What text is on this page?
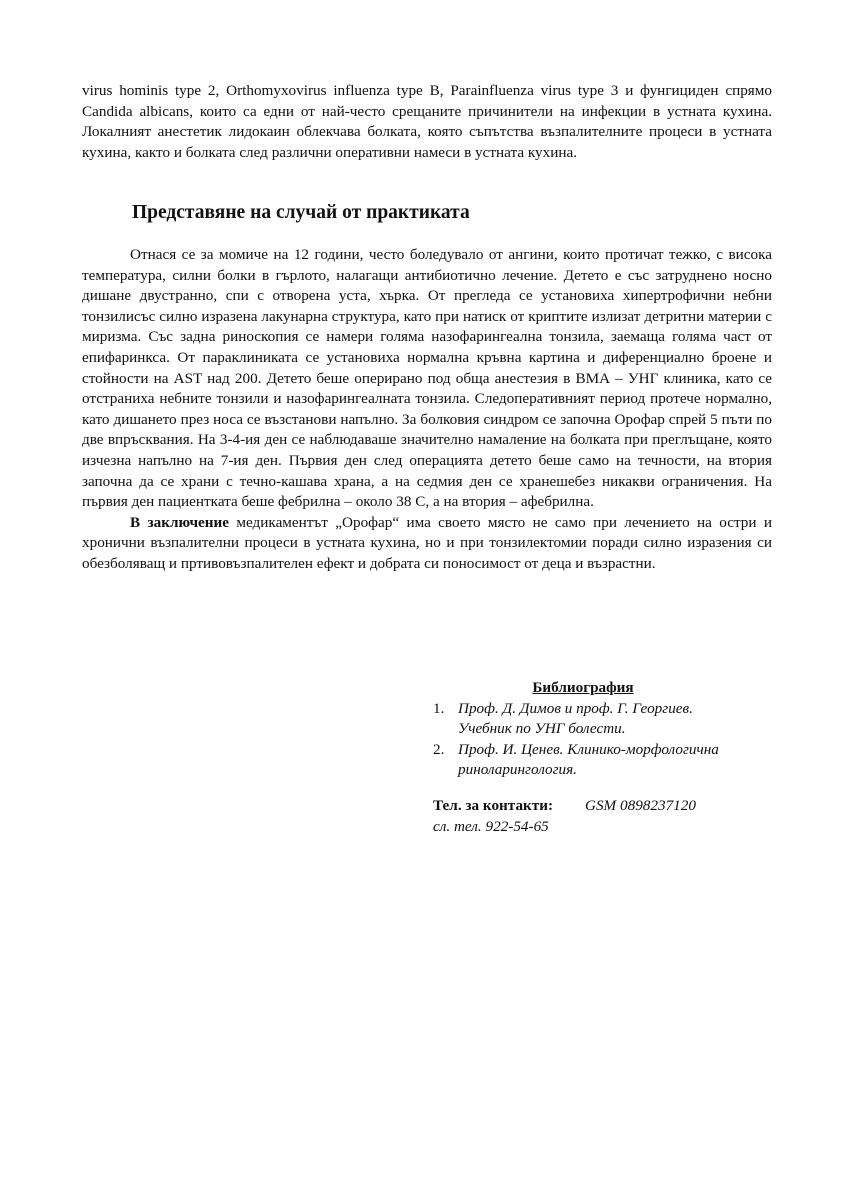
virus hominis type 2, Orthomyxovirus influenza type B, Parainfluenza virus type 3 и фунгициден спрямо Candida albicans, които са едни от най-често срещаните причинители на инфекции в устната кухина. Локалният анестетик лидокаин облекчава болката, която съпътства възпалителните процеси в устната кухина, както и болката след различни оперативни намеси в устната кухина.

Представяне на случай от практиката

Отнася се за момиче на 12 години, често боледувало от ангини, които протичат тежко, с висока температура, силни болки в гърлото, налагащи антибиотично лечение. Детето е със затруднено носно дишане двустранно, спи с отворена уста, хърка. От прегледа се установиха хипертрофични небни тонзилисъс силно изразена лакунарна структура, като при натиск от криптите излизат детритни материи с миризма. Със задна риноскопия се намери голяма назофарингеална тонзила, заемаща голяма част от епифаринкса. От параклиниката се установиха нормална кръвна картина и диференциално броене и стойности на AST над 200. Детето беше оперирано под обща анестезия в ВМА – УНГ клиника, като се отстраниха небните тонзили и назофарингеалната тонзила. Следоперативният период протече нормално, като дишането през носа се възстанови напълно. За болковия синдром се започна Орофар спрей 5 пъти по две впръсквания. На 3-4-ия ден се наблюдаваше значително намаление на болката при преглъщане, която изчезна напълно на 7-ия ден. Първия ден след операцията детето беше само на течности, на втория започна да се храни с течно-кашава храна, а на седмия ден се хранешебез никакви ограничения. На първия ден пациентката беше фебрилна – около 38 С, а на втория – афебрилна.

В заключение медикаментът „Орофар“ има своето място не само при лечението на остри и хронични възпалителни процеси в устната кухина, но и при тонзилектомии поради силно изразения си обезболяващ и пртивовъзпалителен ефект и добрата си поносимост от деца и възрастни.

Библиография

1. Проф. Д. Димов и проф. Г. Георгиев. Учебник по УНГ болести.
2. Проф. И. Ценев. Клинико-морфологична риноларингология.
Тел. за контакти: GSM 0898237120
сл. тел. 922-54-65
